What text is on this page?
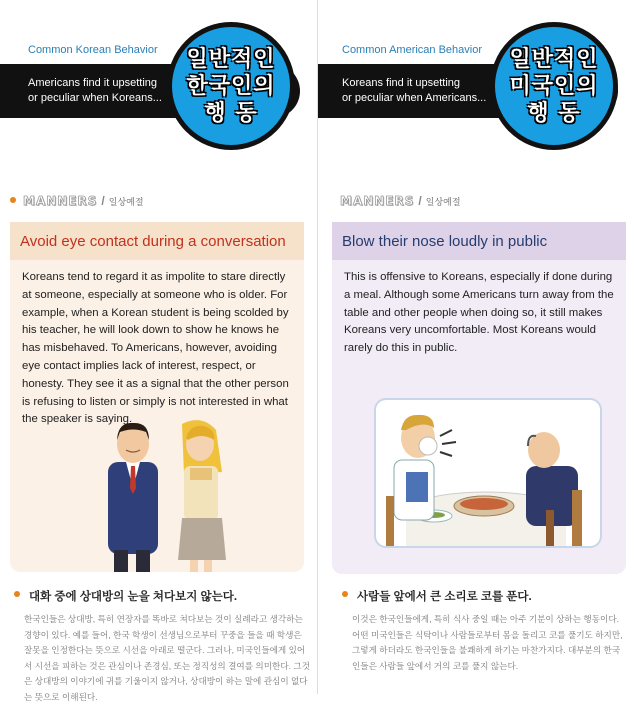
Common Korean Behavior
Americans find it upsetting
or peculiar when Koreans...
일반적인
한국인의
행 동
MANNERS / 일상예절
Avoid eye contact during a conversation
Koreans tend to regard it as impolite to stare directly at someone, especially at someone who is older. For example, when a Korean student is being scolded by his teacher, he will look down to show he knows he has misbehaved. To Americans, however, avoiding eye contact implies lack of interest, respect, or honesty. They see it as a signal that the other person is refusing to listen or simply is not interested in what the speaker is saying.
대화 중에 상대방의 눈을 쳐다보지 않는다.
한국인들은 상대방, 특히 연장자를 똑바로 쳐다보는 것이 실례라고 생각하는 경향이 있다. 예를 들어, 한국 학생이 선생님으로부터 꾸중을 들을 때 학생은 잘못을 인정한다는 뜻으로 시선을 아래로 떨군다. 그러나, 미국인들에게 있어서 시선을 피하는 것은 관심이나 존경심, 또는 정직성의 결여를 의미한다. 그것은 상대방의 이야기에 귀를 기울이지 않거나, 상대방이 하는 말에 관심이 없다는 뜻으로 이해된다.
Common American Behavior
Koreans find it upsetting
or peculiar when Americans...
일반적인
미국인의
행 동
MANNERS / 일상예절
Blow their nose loudly in public
This is offensive to Koreans, especially if done during a meal. Although some Americans turn away from the table and other people when doing so, it still makes Koreans very uncomfortable. Most Koreans would rarely do this in public.
사람들 앞에서 큰 소리로 코를 푼다.
이것은 한국인들에게, 특히 식사 중일 때는 아주 기분이 상하는 행동이다. 어떤 미국인들은 식탁이나 사람들로부터 몸을 돌리고 코를 풀기도 하지만, 그렇게 하더라도 한국인들을 불쾌하게 하기는 마찬가지다. 대부분의 한국인들은 사람들 앞에서 거의 코를 풀지 않는다.
